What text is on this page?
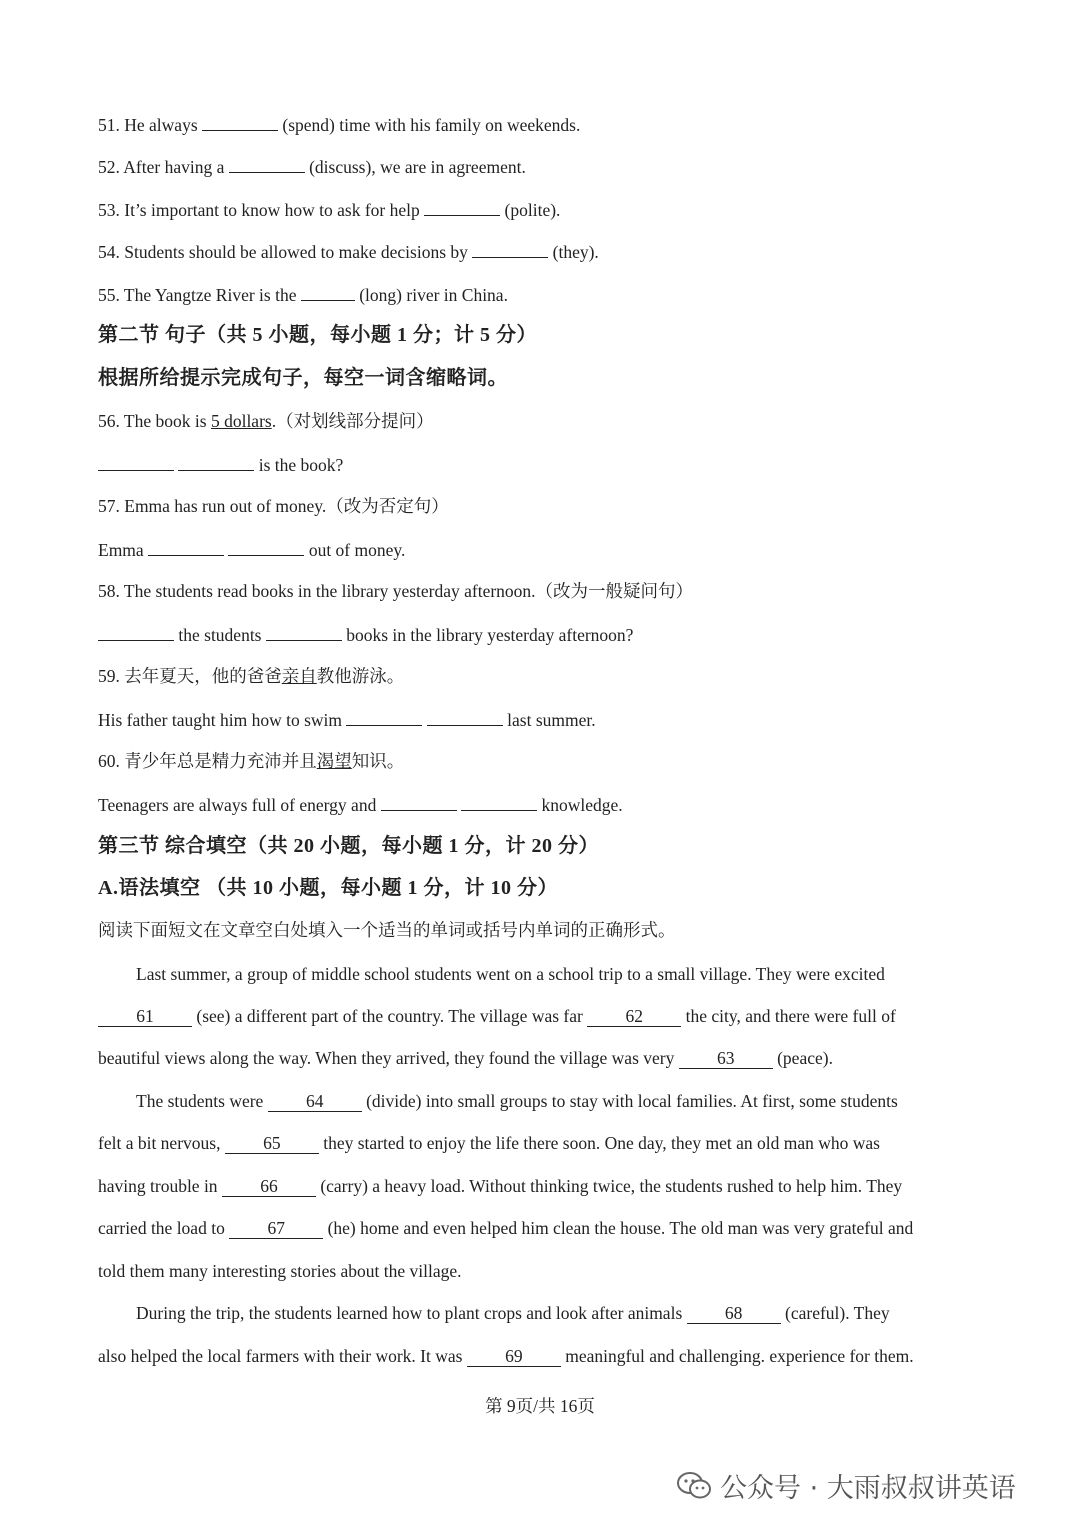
51. He always	(spend) time with his family on weekends.
52. After having a	(discuss), we are in agreement.
53. It’s important to know how to ask for help	(polite).
54. Students should be allowed to make decisions by	(they).
55. The Yangtze River is the	(long) river in China.
第二节 句子（共 5 小题，每小题 1 分；计 5 分）
根据所给提示完成句子，每空一词含缩略词。
56. The book is 5 dollars.（对划线部分提问）
is the book?
57. Emma has run out of money.（改为否定句）
Emma	out of money.
58. The students read books in the library yesterday afternoon.（改为一般疑问句）
the students	books in the library yesterday afternoon?
59. 去年夏天，他的爸爸亲自教他游泳。
His father taught him how to swim	last summer.
60. 青少年总是精力充沛并且渴望知识。
Teenagers are always full of energy and	knowledge.
第三节 综合填空（共 20 小题，每小题 1 分，计 20 分）
A.语法填空 （共 10 小题，每小题 1 分，计 10 分）
阅读下面短文在文章空白处填入一个适当的单词或括号内单词的正确形式。
Last summer, a group of middle school students went on a school trip to a small village. They were excited
61 (see) a different part of the country. The village was far 62 the city, and there were full of
beautiful views along the way. When they arrived, they found the village was very 63 (peace).
The students were 64 (divide) into small groups to stay with local families. At first, some students
felt a bit nervous, 65 they started to enjoy the life there soon. One day, they met an old man who was
having trouble in 66 (carry) a heavy load. Without thinking twice, the students rushed to help him. They
carried the load to 67 (he) home and even helped him clean the house. The old man was very grateful and
told them many interesting stories about the village.
During the trip, the students learned how to plant crops and look after animals 68 (careful). They
also helped the local farmers with their work. It was 69 meaningful and challenging. experience for them.
第 9页/共 16页
公众号 · 大雨叔叔讲英语
